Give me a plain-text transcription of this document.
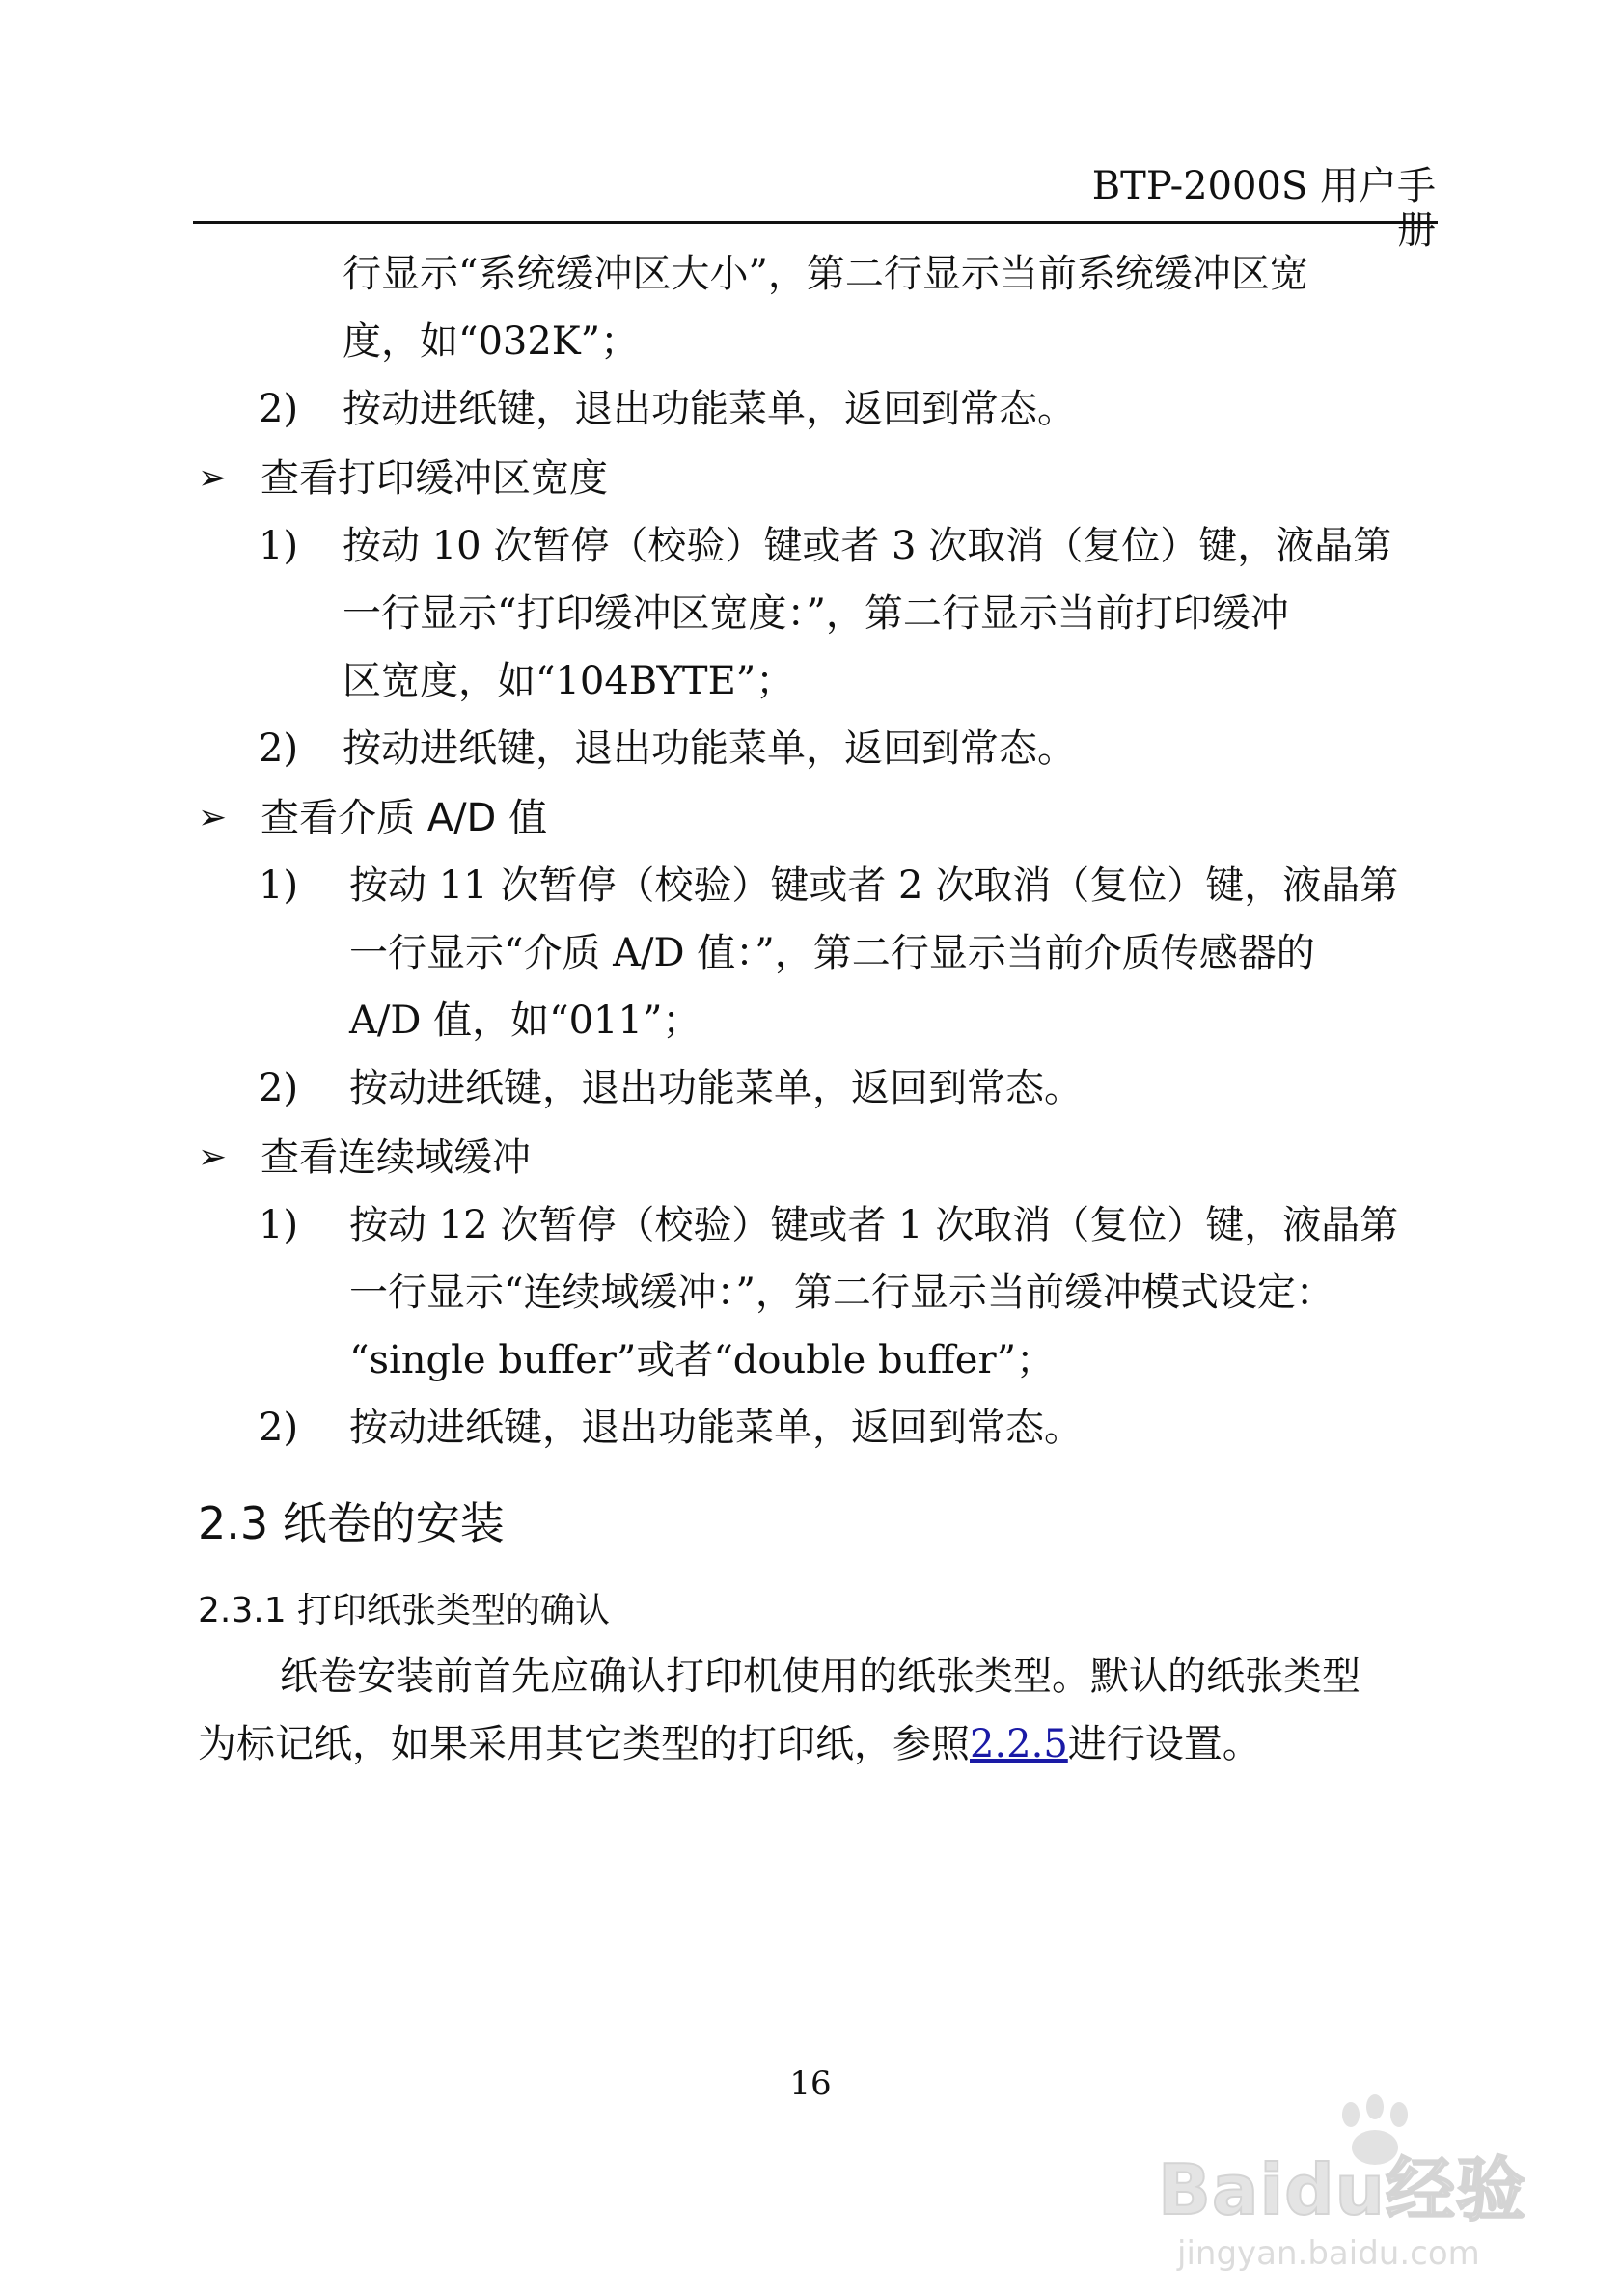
BTP-2000S 用户手册
行显示“系统缓冲区大小”，第二行显示当前系统缓冲区宽
度，如“032K”；
2) 按动进纸键，退出功能菜单，返回到常态。
➢ 查看打印缓冲区宽度
1) 按动 10 次暂停（校验）键或者 3 次取消（复位）键，液晶第
一行显示“打印缓冲区宽度：”，第二行显示当前打印缓冲
区宽度，如“104BYTE”；
2) 按动进纸键，退出功能菜单，返回到常态。
➢ 查看介质 A/D 值
1) 按动 11 次暂停（校验）键或者 2 次取消（复位）键，液晶第
一行显示“介质 A/D 值：”，第二行显示当前介质传感器的
A/D 值，如“011”；
2) 按动进纸键，退出功能菜单，返回到常态。
➢ 查看连续域缓冲
1) 按动 12 次暂停（校验）键或者 1 次取消（复位）键，液晶第
一行显示“连续域缓冲：”，第二行显示当前缓冲模式设定：
“single buffer”或者“double buffer”；
2) 按动进纸键，退出功能菜单，返回到常态。
2.3 纸卷的安装
2.3.1 打印纸张类型的确认
纸卷安装前首先应确认打印机使用的纸张类型。默认的纸张类型
为标记纸，如果采用其它类型的打印纸，参照2.2.5进行设置。
16
Baidu经验
jingyan.baidu.com
